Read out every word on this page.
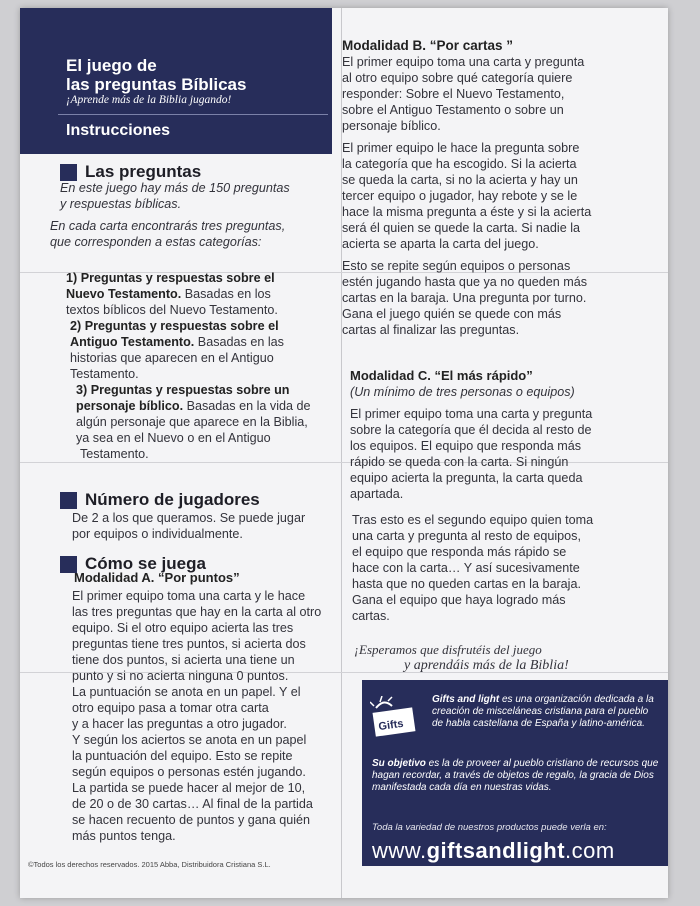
El juego de
las preguntas Bíblicas
¡Aprende más de la Biblia jugando!
Instrucciones
Las preguntas
En este juego hay más de 150 preguntas
y respuestas bíblicas.
En cada carta encontrarás tres preguntas,
que corresponden a estas categorías:
1) Preguntas y respuestas sobre el
Nuevo Testamento. Basadas en los
textos bíblicos del Nuevo Testamento.
2) Preguntas y respuestas sobre el
Antiguo Testamento. Basadas en las
historias que aparecen en el Antiguo
Testamento.
3) Preguntas y respuestas sobre un
personaje bíblico. Basadas en la vida de
algún personaje que aparece en la Biblia,
ya sea en el Nuevo o en el Antiguo
Testamento.
Número de jugadores
De 2 a los que queramos. Se puede jugar
por equipos o individualmente.
Cómo se juega
Modalidad A. “Por puntos”
El primer equipo toma una carta y le hace
las tres preguntas que hay en la carta al otro
equipo. Si el otro equipo acierta las tres
preguntas tiene tres puntos, si acierta dos
tiene dos puntos, si acierta una tiene un
punto y si no acierta ninguna 0 puntos.
La puntuación se anota en un papel. Y el
otro equipo pasa a tomar otra carta
y a hacer las preguntas a otro jugador.
Y según los aciertos se anota en un papel
la puntuación del equipo. Esto se repite
según equipos o personas estén jugando.
La partida se puede hacer al mejor de 10,
de 20 o de 30 cartas… Al final de la partida
se hacen recuento de puntos y gana quién
más puntos tenga.
©Todos los derechos reservados. 2015 Abba, Distribuidora Cristiana S.L.
Modalidad B. “Por cartas ”
El primer equipo toma una carta y pregunta
al otro equipo sobre qué categoría quiere
responder: Sobre el Nuevo Testamento,
sobre el Antiguo Testamento o sobre un
personaje bíblico.
El primer equipo le hace la pregunta sobre
la categoría que ha escogido. Si la acierta
se queda la carta, si no la acierta y hay un
tercer equipo o jugador, hay rebote y se le
hace la misma pregunta a éste y si la acierta
será él quien se quede la carta. Si nadie la
acierta se aparta la carta del juego.
Esto se repite según equipos o personas
estén jugando hasta que ya no queden más
cartas en la baraja. Una pregunta por turno.
Gana el juego quién se quede con más
cartas al finalizar las preguntas.
Modalidad C. “El más rápido”
(Un mínimo de tres personas o equipos)
El primer equipo toma una carta y pregunta
sobre la categoría que él decida al resto de
los equipos. El equipo que responda más
rápido se queda con la carta. Si ningún
equipo acierta la pregunta, la carta queda
apartada.
Tras esto es el segundo equipo quien toma
una carta y pregunta al resto de equipos,
el equipo que responda más rápido se
hace con la carta… Y así sucesivamente
hasta que no queden cartas en la baraja.
Gana el equipo que haya logrado más
cartas.
¡Esperamos que disfrutéis del juego
y aprendáis más de la Biblia!
Gifts
Gifts and light es una organización dedicada a la creación de misceláneas cristiana para el pueblo de habla castellana de España y latino-américa.
Su objetivo es la de proveer al pueblo cristiano de recursos que hagan recordar, a través de objetos de regalo, la gracia de Dios manifestada cada día en nuestras vidas.
Toda la variedad de nuestros productos puede verla en:
www.giftsandlight.com
